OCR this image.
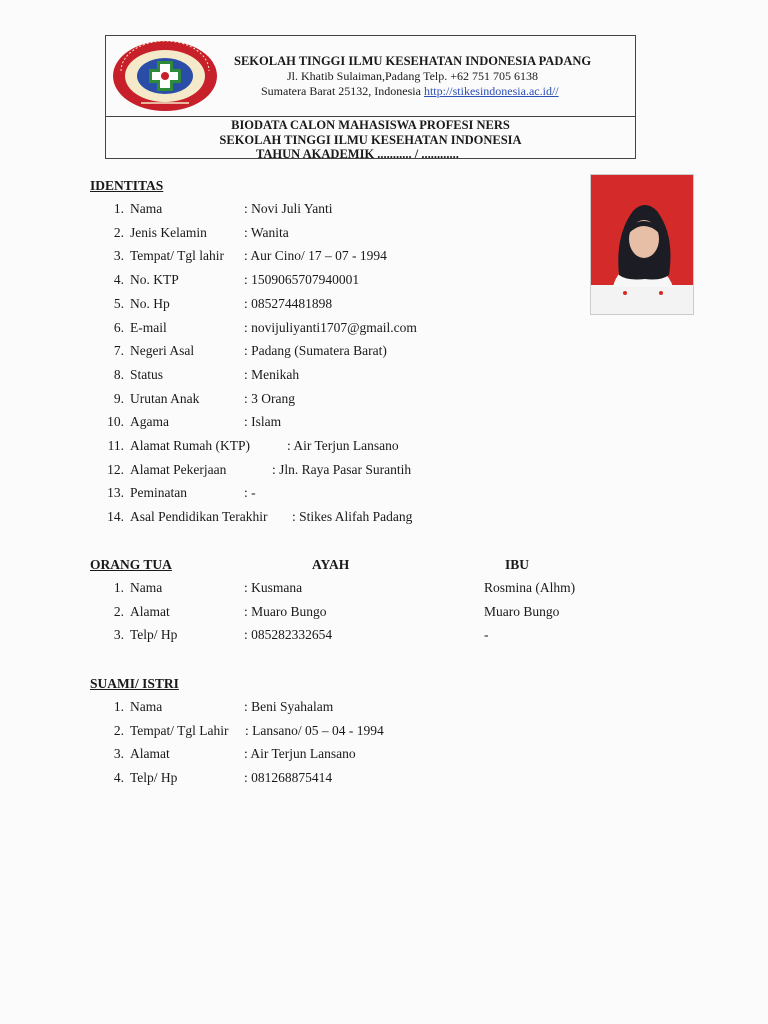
SEKOLAH TINGGI ILMU KESEHATAN INDONESIA PADANG
Jl. Khatib Sulaiman,Padang Telp. +62 751 705 6138
Sumatera Barat 25132, Indonesia http://stikesindonesia.ac.id//
BIODATA CALON MAHASISWA PROFESI NERS
SEKOLAH TINGGI ILMU KESEHATAN INDONESIA
TAHUN AKADEMIK ........... / ............
IDENTITAS
1. Nama	: Novi Juli Yanti
2. Jenis Kelamin	: Wanita
3. Tempat/ Tgl lahir : Aur Cino/ 17 – 07 - 1994
4. No. KTP	: 1509065707940001
5. No. Hp	: 085274481898
6. E-mail	: novijuliyanti1707@gmail.com
7. Negeri Asal	: Padang (Sumatera Barat)
8. Status	: Menikah
9. Urutan Anak	: 3 Orang
10. Agama	: Islam
11. Alamat Rumah (KTP)	: Air Terjun Lansano
12. Alamat Pekerjaan	: Jln. Raya Pasar Surantih
13. Peminatan	: -
14. Asal Pendidikan Terakhir : Stikes Alifah Padang
ORANG TUA	AYAH	IBU
1. Nama	: Kusmana	Rosmina (Alhm)
2. Alamat	: Muaro Bungo	Muaro Bungo
3. Telp/ Hp	: 085282332654	-
SUAMI/ ISTRI
1. Nama	: Beni Syahalam
2. Tempat/ Tgl Lahir : Lansano/ 05 – 04 - 1994
3. Alamat	: Air Terjun Lansano
4. Telp/ Hp	: 081268875414
